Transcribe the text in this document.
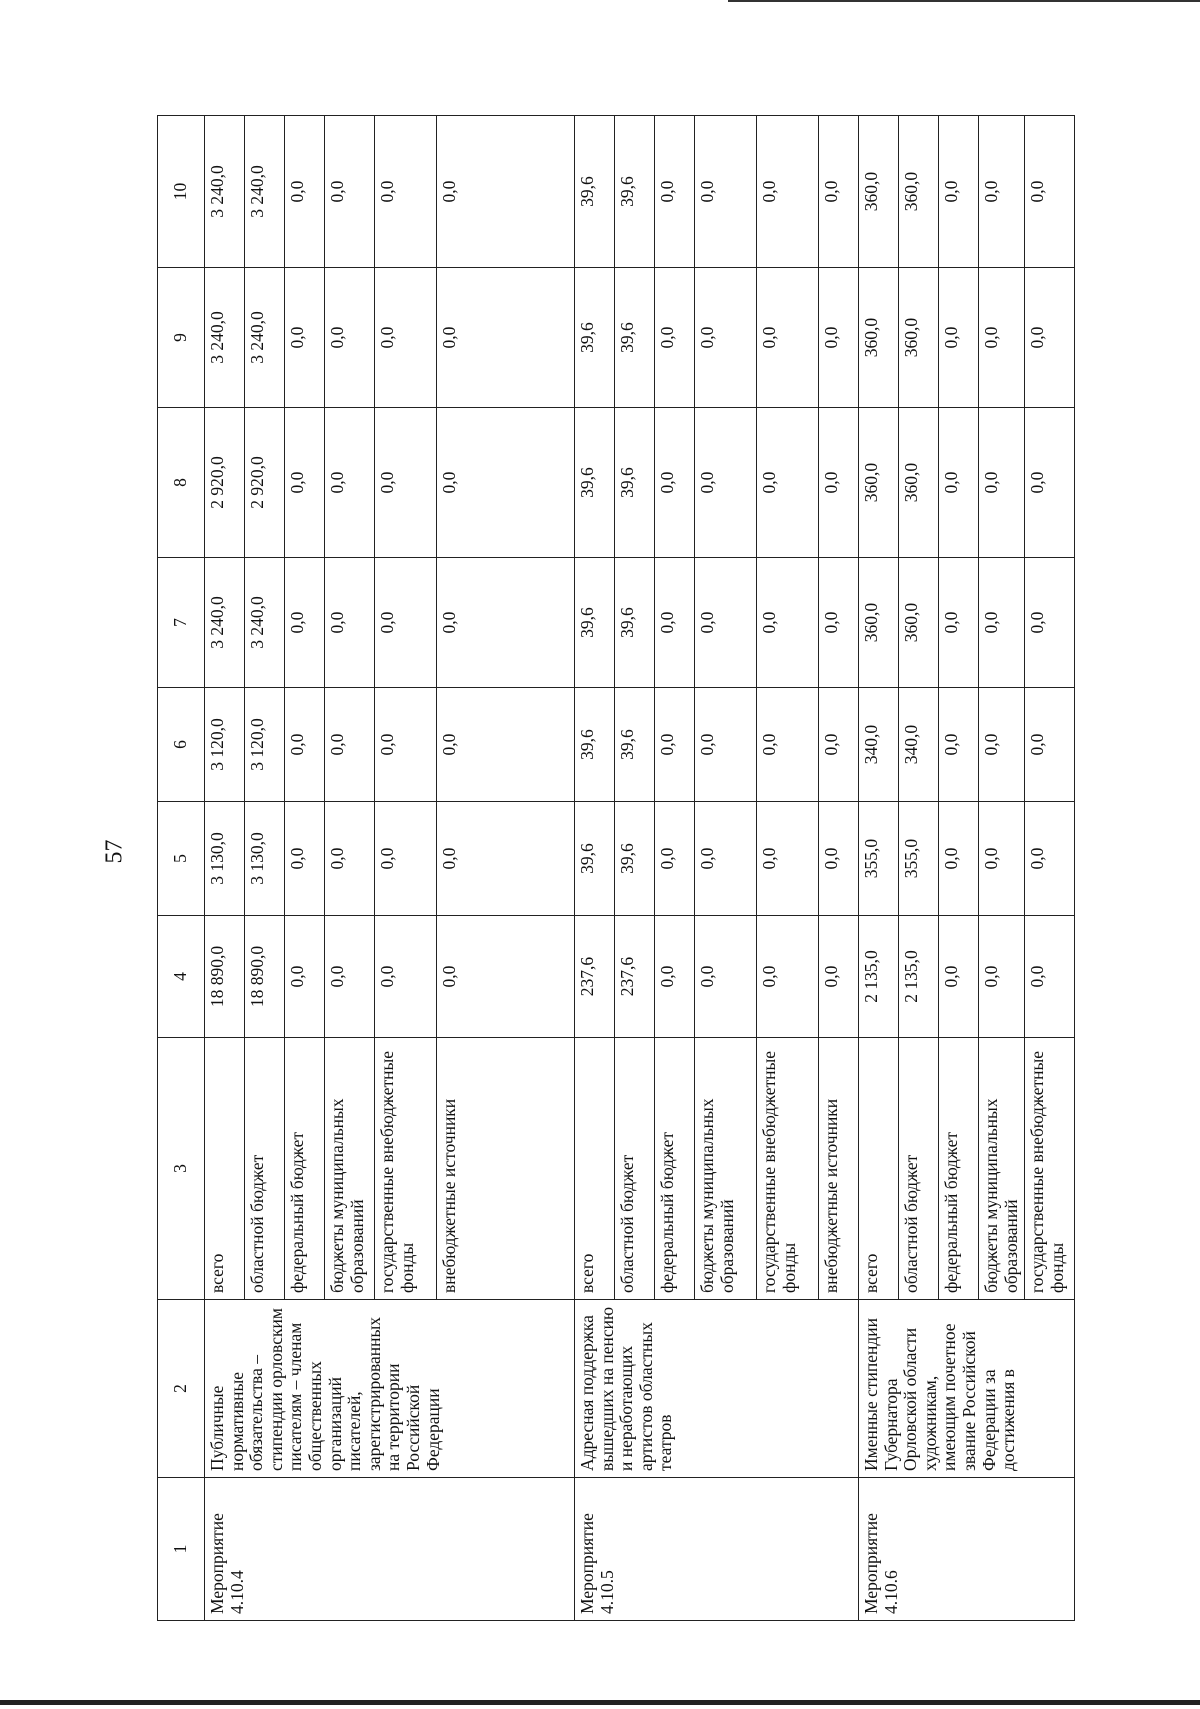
57
1	2	3	4	5	6	7	8	9	10
Мероприятие
4.10.4	Публичные нормативные обязательства – стипендии орловским писателям – членам общественных организаций писателей, зарегистрированных на территории Российской Федерации	всего	18 890,0	3 130,0	3 120,0	3 240,0	2 920,0	3 240,0	3 240,0
		областной бюджет	18 890,0	3 130,0	3 120,0	3 240,0	2 920,0	3 240,0	3 240,0
		федеральный бюджет	0,0	0,0	0,0	0,0	0,0	0,0	0,0
		бюджеты муниципальных образований	0,0	0,0	0,0	0,0	0,0	0,0	0,0
		государственные внебюджетные фонды	0,0	0,0	0,0	0,0	0,0	0,0	0,0
		внебюджетные источники	0,0	0,0	0,0	0,0	0,0	0,0	0,0
Мероприятие
4.10.5	Адресная поддержка вышедших на пенсию и неработающих артистов областных театров	всего	237,6	39,6	39,6	39,6	39,6	39,6	39,6
		областной бюджет	237,6	39,6	39,6	39,6	39,6	39,6	39,6
		федеральный бюджет	0,0	0,0	0,0	0,0	0,0	0,0	0,0
		бюджеты муниципальных образований	0,0	0,0	0,0	0,0	0,0	0,0	0,0
		государственные внебюджетные фонды	0,0	0,0	0,0	0,0	0,0	0,0	0,0
		внебюджетные источники	0,0	0,0	0,0	0,0	0,0	0,0	0,0
Мероприятие
4.10.6	Именные стипендии Губернатора Орловской области художникам, имеющим почетное звание Российской Федерации за достижения в	всего	2 135,0	355,0	340,0	360,0	360,0	360,0	360,0
		областной бюджет	2 135,0	355,0	340,0	360,0	360,0	360,0	360,0
		федеральный бюджет	0,0	0,0	0,0	0,0	0,0	0,0	0,0
		бюджеты муниципальных образований	0,0	0,0	0,0	0,0	0,0	0,0	0,0
		государственные внебюджетные фонды	0,0	0,0	0,0	0,0	0,0	0,0	0,0
